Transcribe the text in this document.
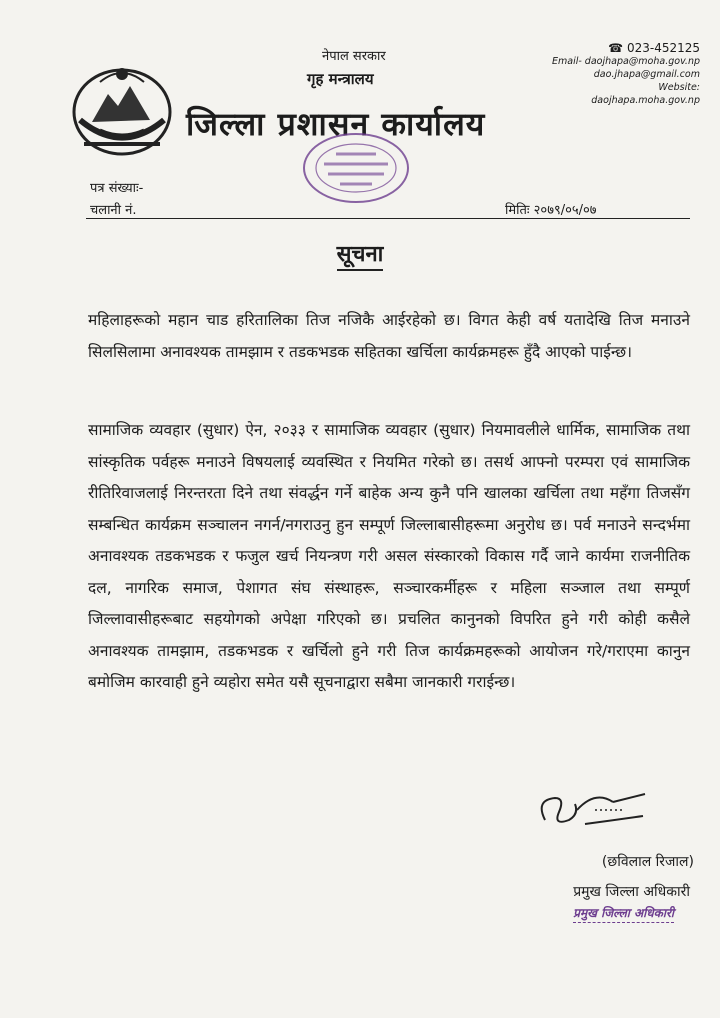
नेपाल सरकार
गृह मन्त्रालय
जिल्ला प्रशासन कार्यालय
☎ 023-452125
Email- daojhapa@moha.gov.np
dao.jhapa@gmail.com
Website: daojhapa.moha.gov.np
पत्र संख्याः-
चलानी नं.	मितिः २०७९/०५/०७
सूचना
महिलाहरूको महान चाड हरितालिका तिज नजिकै आईरहेको छ। विगत केही वर्ष यतादेखि तिज मनाउने सिलसिलामा अनावश्यक तामझाम र तडकभडक सहितका खर्चिला कार्यक्रमहरू हुँदै आएको पाईन्छ।
सामाजिक व्यवहार (सुधार) ऐन, २०३३ र सामाजिक व्यवहार (सुधार) नियमावलीले धार्मिक, सामाजिक तथा सांस्कृतिक पर्वहरू मनाउने विषयलाई व्यवस्थित र नियमित गरेको छ। तसर्थ आफ्नो परम्परा एवं सामाजिक रीतिरिवाजलाई निरन्तरता दिने तथा संवर्द्धन गर्ने बाहेक अन्य कुनै पनि खालका खर्चिला तथा महँगा तिजसँग सम्बन्धित कार्यक्रम सञ्चालन नगर्न/नगराउनु हुन सम्पूर्ण जिल्लाबासीहरूमा अनुरोध छ। पर्व मनाउने सन्दर्भमा अनावश्यक तडकभडक र फजुल खर्च नियन्त्रण गरी असल संस्कारको विकास गर्दै जाने कार्यमा राजनीतिक दल, नागरिक समाज, पेशागत संघ संस्थाहरू, सञ्चारकर्मीहरू र महिला सञ्जाल तथा सम्पूर्ण जिल्लावासीहरूबाट सहयोगको अपेक्षा गरिएको छ। प्रचलित कानुनको विपरित हुने गरी कोही कसैले अनावश्यक तामझाम, तडकभडक र खर्चिलो हुने गरी तिज कार्यक्रमहरूको आयोजन गरे/गराएमा कानुन बमोजिम कारवाही हुने व्यहोरा समेत यसै सूचनाद्वारा सबैमा जानकारी गराईन्छ।
(छविलाल रिजाल)
प्रमुख जिल्ला अधिकारी
प्रमुख जिल्ला अधिकारी
